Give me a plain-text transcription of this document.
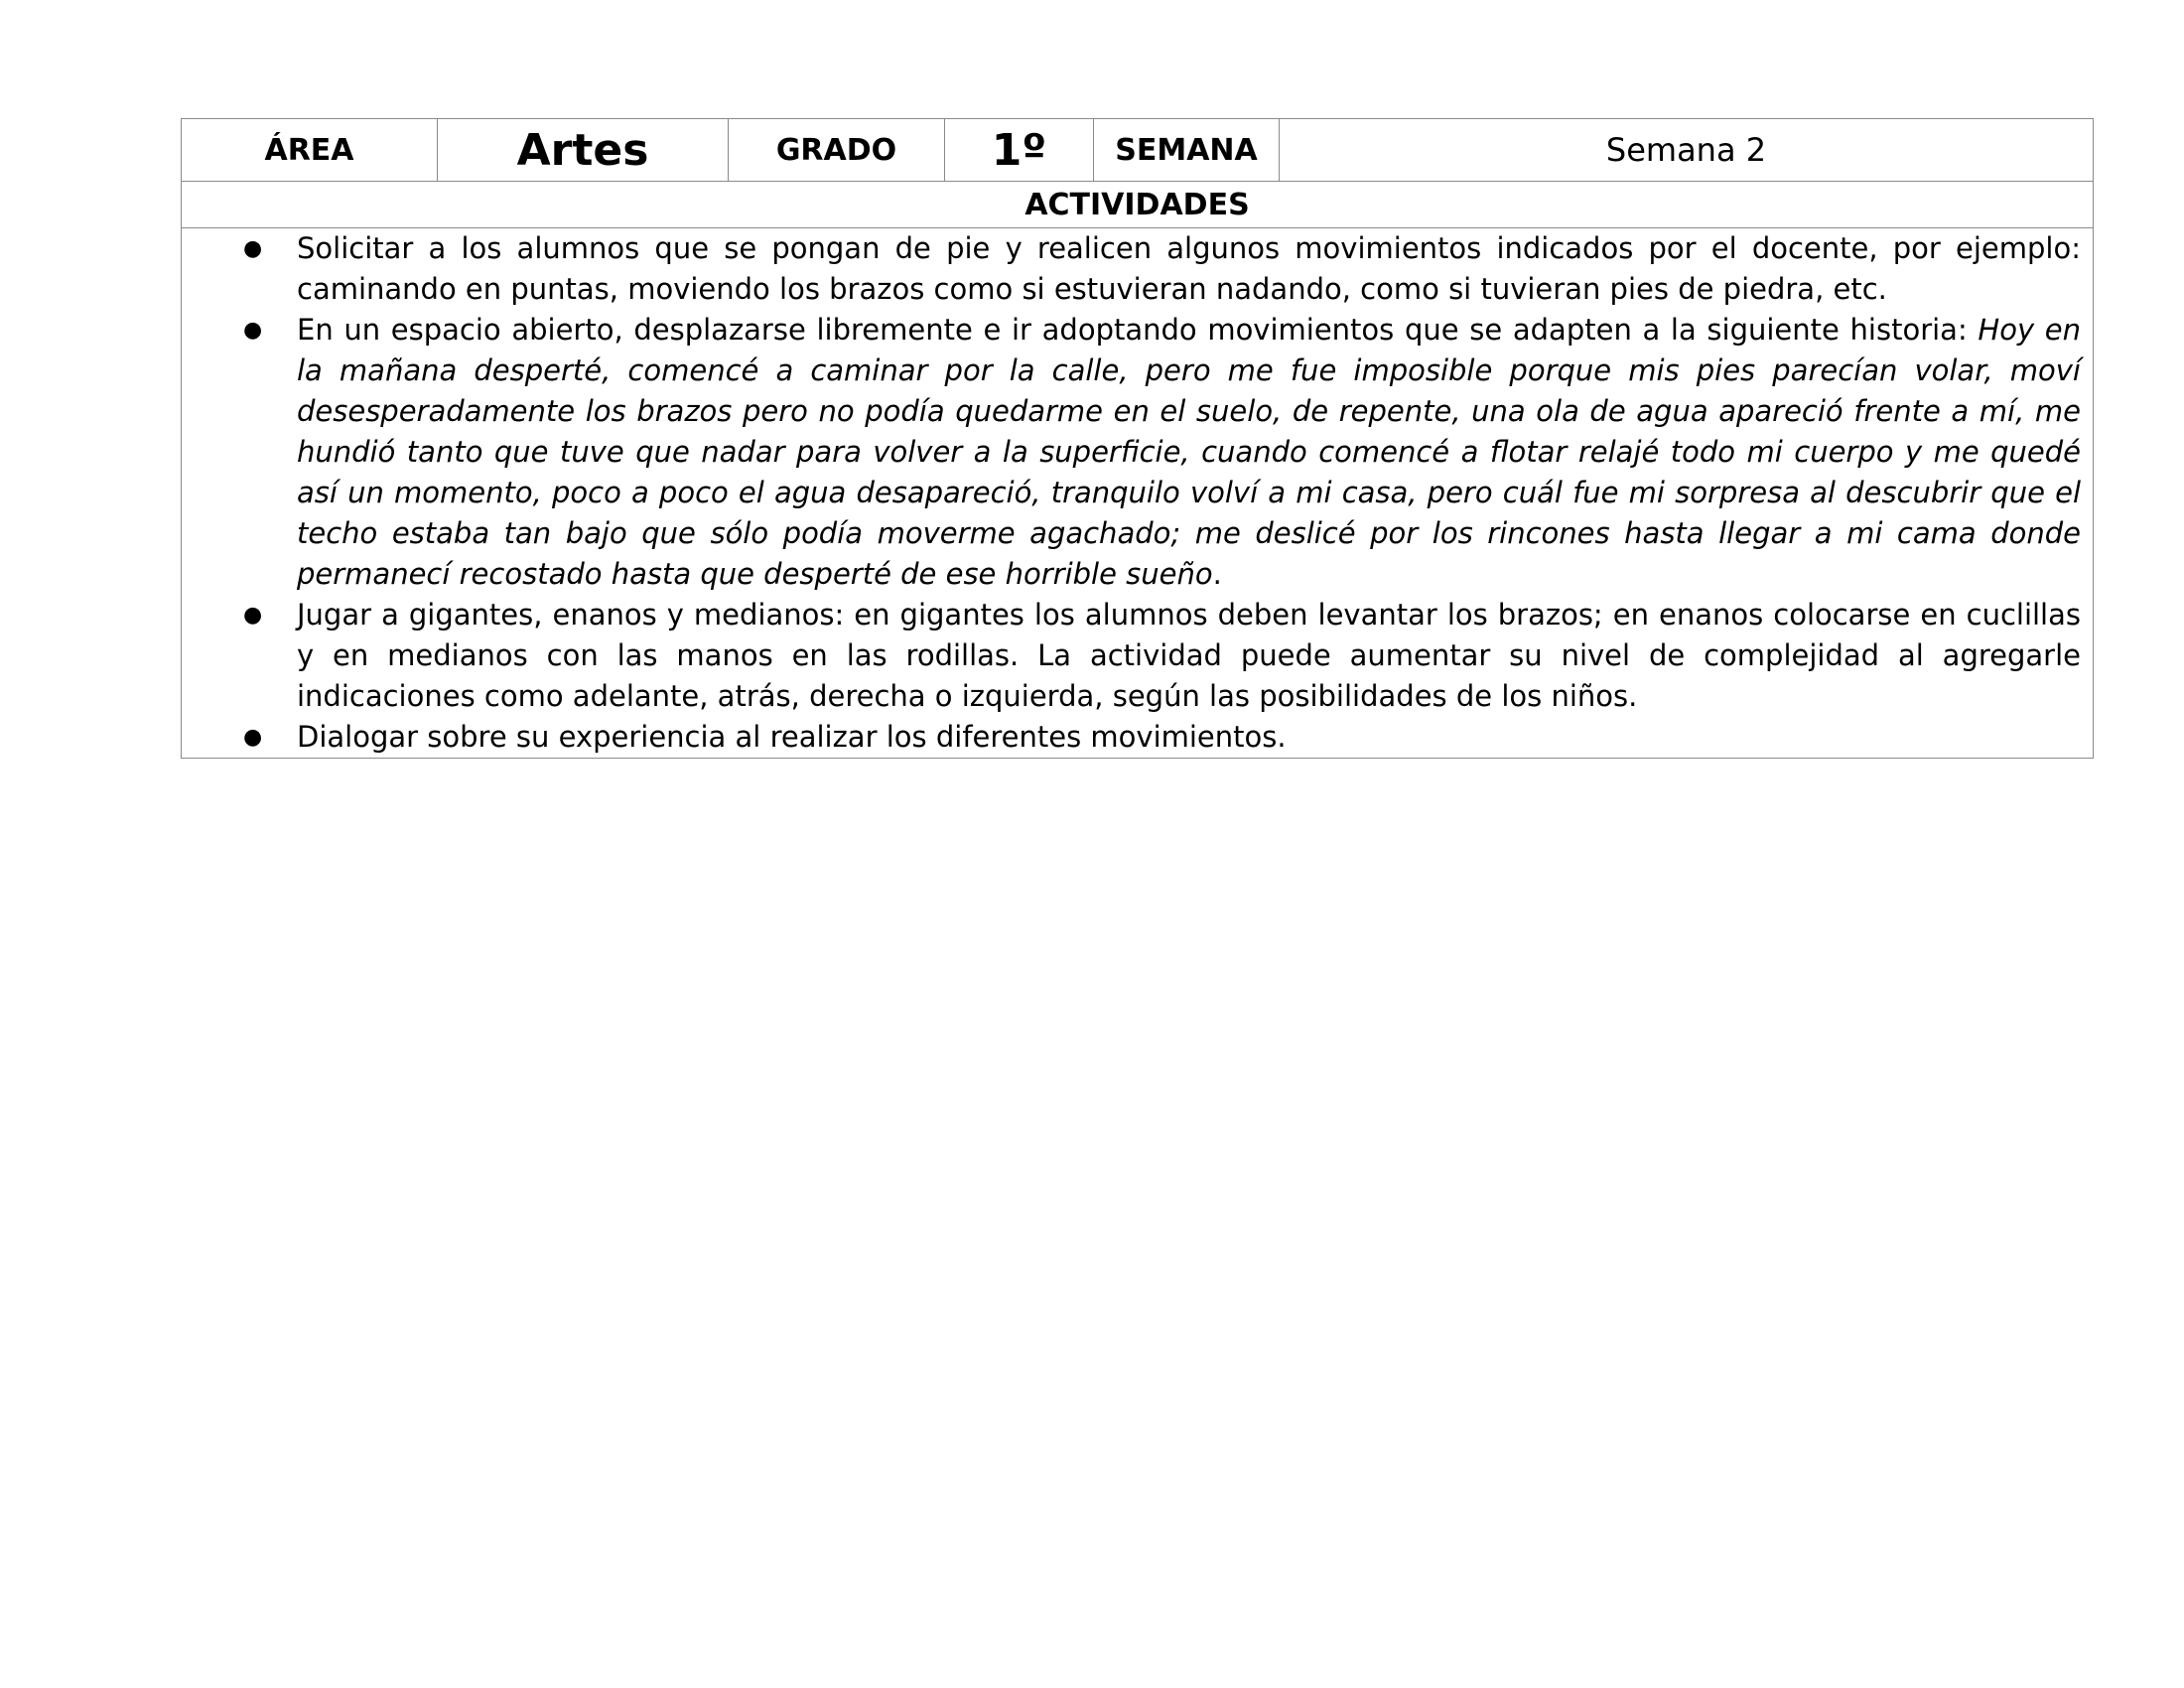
ÁREA	Artes	GRADO	1º	SEMANA	Semana 2
ACTIVIDADES

● Solicitar a los alumnos que se pongan de pie y realicen algunos movimientos indicados por el docente, por ejemplo: caminando en puntas, moviendo los brazos como si estuvieran nadando, como si tuvieran pies de piedra, etc.
● En un espacio abierto, desplazarse libremente e ir adoptando movimientos que se adapten a la siguiente historia: Hoy en la mañana desperté, comencé a caminar por la calle, pero me fue imposible porque mis pies parecían volar, moví desesperadamente los brazos pero no podía quedarme en el suelo, de repente, una ola de agua apareció frente a mí, me hundió tanto que tuve que nadar para volver a la superficie, cuando comencé a flotar relajé todo mi cuerpo y me quedé así un momento, poco a poco el agua desapareció, tranquilo volví a mi casa, pero cuál fue mi sorpresa al descubrir que el techo estaba tan bajo que sólo podía moverme agachado; me deslicé por los rincones hasta llegar a mi cama donde permanecí recostado hasta que desperté de ese horrible sueño.
● Jugar a gigantes, enanos y medianos: en gigantes los alumnos deben levantar los brazos; en enanos colocarse en cuclillas y en medianos con las manos en las rodillas. La actividad puede aumentar su nivel de complejidad al agregarle indicaciones como adelante, atrás, derecha o izquierda, según las posibilidades de los niños.
● Dialogar sobre su experiencia al realizar los diferentes movimientos.
